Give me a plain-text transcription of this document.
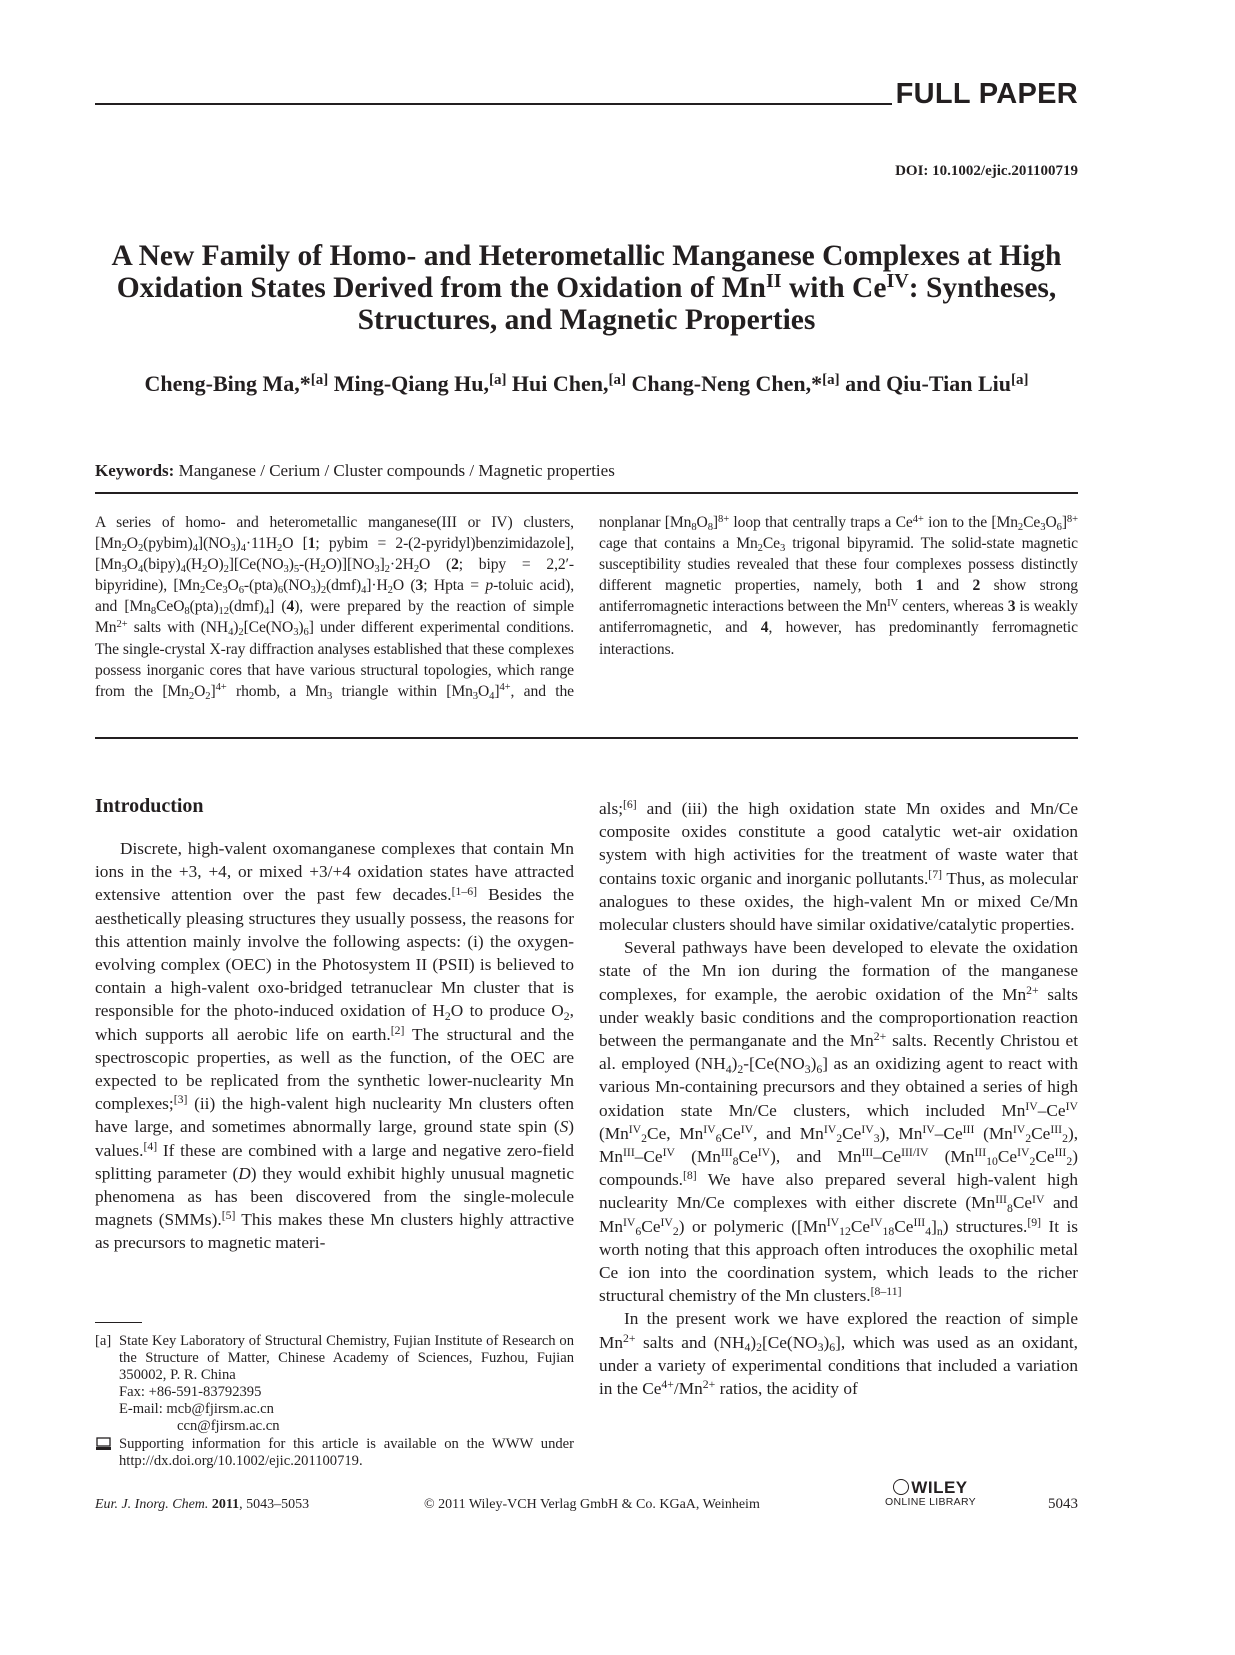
FULL PAPER
DOI: 10.1002/ejic.201100719
A New Family of Homo- and Heterometallic Manganese Complexes at High Oxidation States Derived from the Oxidation of $Mn^{II}$ with $Ce^{IV}$: Syntheses, Structures, and Magnetic Properties
Cheng-Bing Ma,*[a] Ming-Qiang Hu,[a] Hui Chen,[a] Chang-Neng Chen,*[a] and Qiu-Tian Liu[a]
Keywords: Manganese / Cerium / Cluster compounds / Magnetic properties
A series of homo- and heterometallic manganese(III or IV) clusters, $[Mn_2O_2(pybim)_4](NO_3)_4\cdot 11H_2O$ [1; pybim = 2-(2-pyridyl)benzimidazole], $[Mn_3O_4(bipy)_4(H_2O)_2][Ce(NO_3)_5-(H_2O)][NO_3]_2\cdot 2H_2O$ (2; bipy = 2,2′-bipyridine), $[Mn_2Ce_3O_6-(pta)_6(NO_3)_2(dmf)_4]\cdot H_2O$ (3; Hpta = p-toluic acid), and $[Mn_8CeO_8(pta)_{12}(dmf)_4]$ (4), were prepared by the reaction of simple $Mn^{2+}$ salts with $(NH_4)_2[Ce(NO_3)_6]$ under different experimental conditions. The single-crystal X-ray diffraction analyses established that these complexes possess inorganic cores that have various structural topologies, which range from the $[Mn_2O_2]^{4+}$ rhomb, a $Mn_3$ triangle within $[Mn_3O_4]^{4+}$, and the nonplanar $[Mn_8O_8]^{8+}$ loop that centrally traps a $Ce^{4+}$ ion to the $[Mn_2Ce_3O_6]^{8+}$ cage that contains a $Mn_2Ce_3$ trigonal bipyramid. The solid-state magnetic susceptibility studies revealed that these four complexes possess distinctly different magnetic properties, namely, both 1 and 2 show strong antiferromagnetic interactions between the $Mn^{IV}$ centers, whereas 3 is weakly antiferromagnetic, and 4, however, has predominantly ferromagnetic interactions.
Introduction

Discrete, high-valent oxomanganese complexes that contain Mn ions in the +3, +4, or mixed +3/+4 oxidation states have attracted extensive attention over the past few decades.[1–6] Besides the aesthetically pleasing structures they usually possess, the reasons for this attention mainly involve the following aspects: (i) the oxygen-evolving complex (OEC) in the Photosystem II (PSII) is believed to contain a high-valent oxo-bridged tetranuclear Mn cluster that is responsible for the photo-induced oxidation of $H_2O$ to produce $O_2$, which supports all aerobic life on earth.[2] The structural and the spectroscopic properties, as well as the function, of the OEC are expected to be replicated from the synthetic lower-nuclearity Mn complexes;[3] (ii) the high-valent high nuclearity Mn clusters often have large, and sometimes abnormally large, ground state spin (S) values.[4] If these are combined with a large and negative zero-field splitting parameter (D) they would exhibit highly unusual magnetic phenomena as has been discovered from the single-molecule magnets (SMMs).[5] This makes these Mn clusters highly attractive as precursors to magnetic materi-

als;[6] and (iii) the high oxidation state Mn oxides and Mn/Ce composite oxides constitute a good catalytic wet-air oxidation system with high activities for the treatment of waste water that contains toxic organic and inorganic pollutants.[7] Thus, as molecular analogues to these oxides, the high-valent Mn or mixed Ce/Mn molecular clusters should have similar oxidative/catalytic properties.

Several pathways have been developed to elevate the oxidation state of the Mn ion during the formation of the manganese complexes, for example, the aerobic oxidation of the $Mn^{2+}$ salts under weakly basic conditions and the comproportionation reaction between the permanganate and the $Mn^{2+}$ salts. Recently Christou et al. employed $(NH_4)_2-[Ce(NO_3)_6]$ as an oxidizing agent to react with various Mn-containing precursors and they obtained a series of high oxidation state Mn/Ce clusters, which included $Mn^{IV}-Ce^{IV}$ ($Mn^{IV}_2Ce$, $Mn^{IV}_6Ce^{IV}$, and $Mn^{IV}_2Ce^{IV}_3$), $Mn^{IV}-Ce^{III}$ $(Mn^{IV}_2Ce^{III}_2)$, $Mn^{III}-Ce^{IV}$ $(Mn^{III}_8Ce^{IV})$, and $Mn^{III}-Ce^{III/IV}$ $(Mn^{III}_{10}Ce^{IV}_2Ce^{III}_2)$ compounds.[8] We have also prepared several high-valent high nuclearity Mn/Ce complexes with either discrete ($Mn^{III}_8Ce^{IV}$ and $Mn^{IV}_6Ce^{IV}_2$) or polymeric $([Mn^{IV}_{12}Ce^{IV}_{18}Ce^{III}_4]_n)$ structures.[9] It is worth noting that this approach often introduces the oxophilic metal Ce ion into the coordination system, which leads to the richer structural chemistry of the Mn clusters.[8–11]

In the present work we have explored the reaction of simple $Mn^{2+}$ salts and $(NH_4)_2[Ce(NO_3)_6]$, which was used as an oxidant, under a variety of experimental conditions that included a variation in the $Ce^{4+}/Mn^{2+}$ ratios, the acidity of

[a] State Key Laboratory of Structural Chemistry, Fujian Institute of Research on the Structure of Matter, Chinese Academy of Sciences, Fuzhou, Fujian 350002, P. R. China
Fax: +86-591-83792395
E-mail: mcb@fjirsm.ac.cn
ccn@fjirsm.ac.cn
Supporting information for this article is available on the WWW under http://dx.doi.org/10.1002/ejic.201100719.
Eur. J. Inorg. Chem. 2011, 5043–5053	© 2011 Wiley-VCH Verlag GmbH & Co. KGaA, Weinheim
WILEY
ONLINE LIBRARY	5043
